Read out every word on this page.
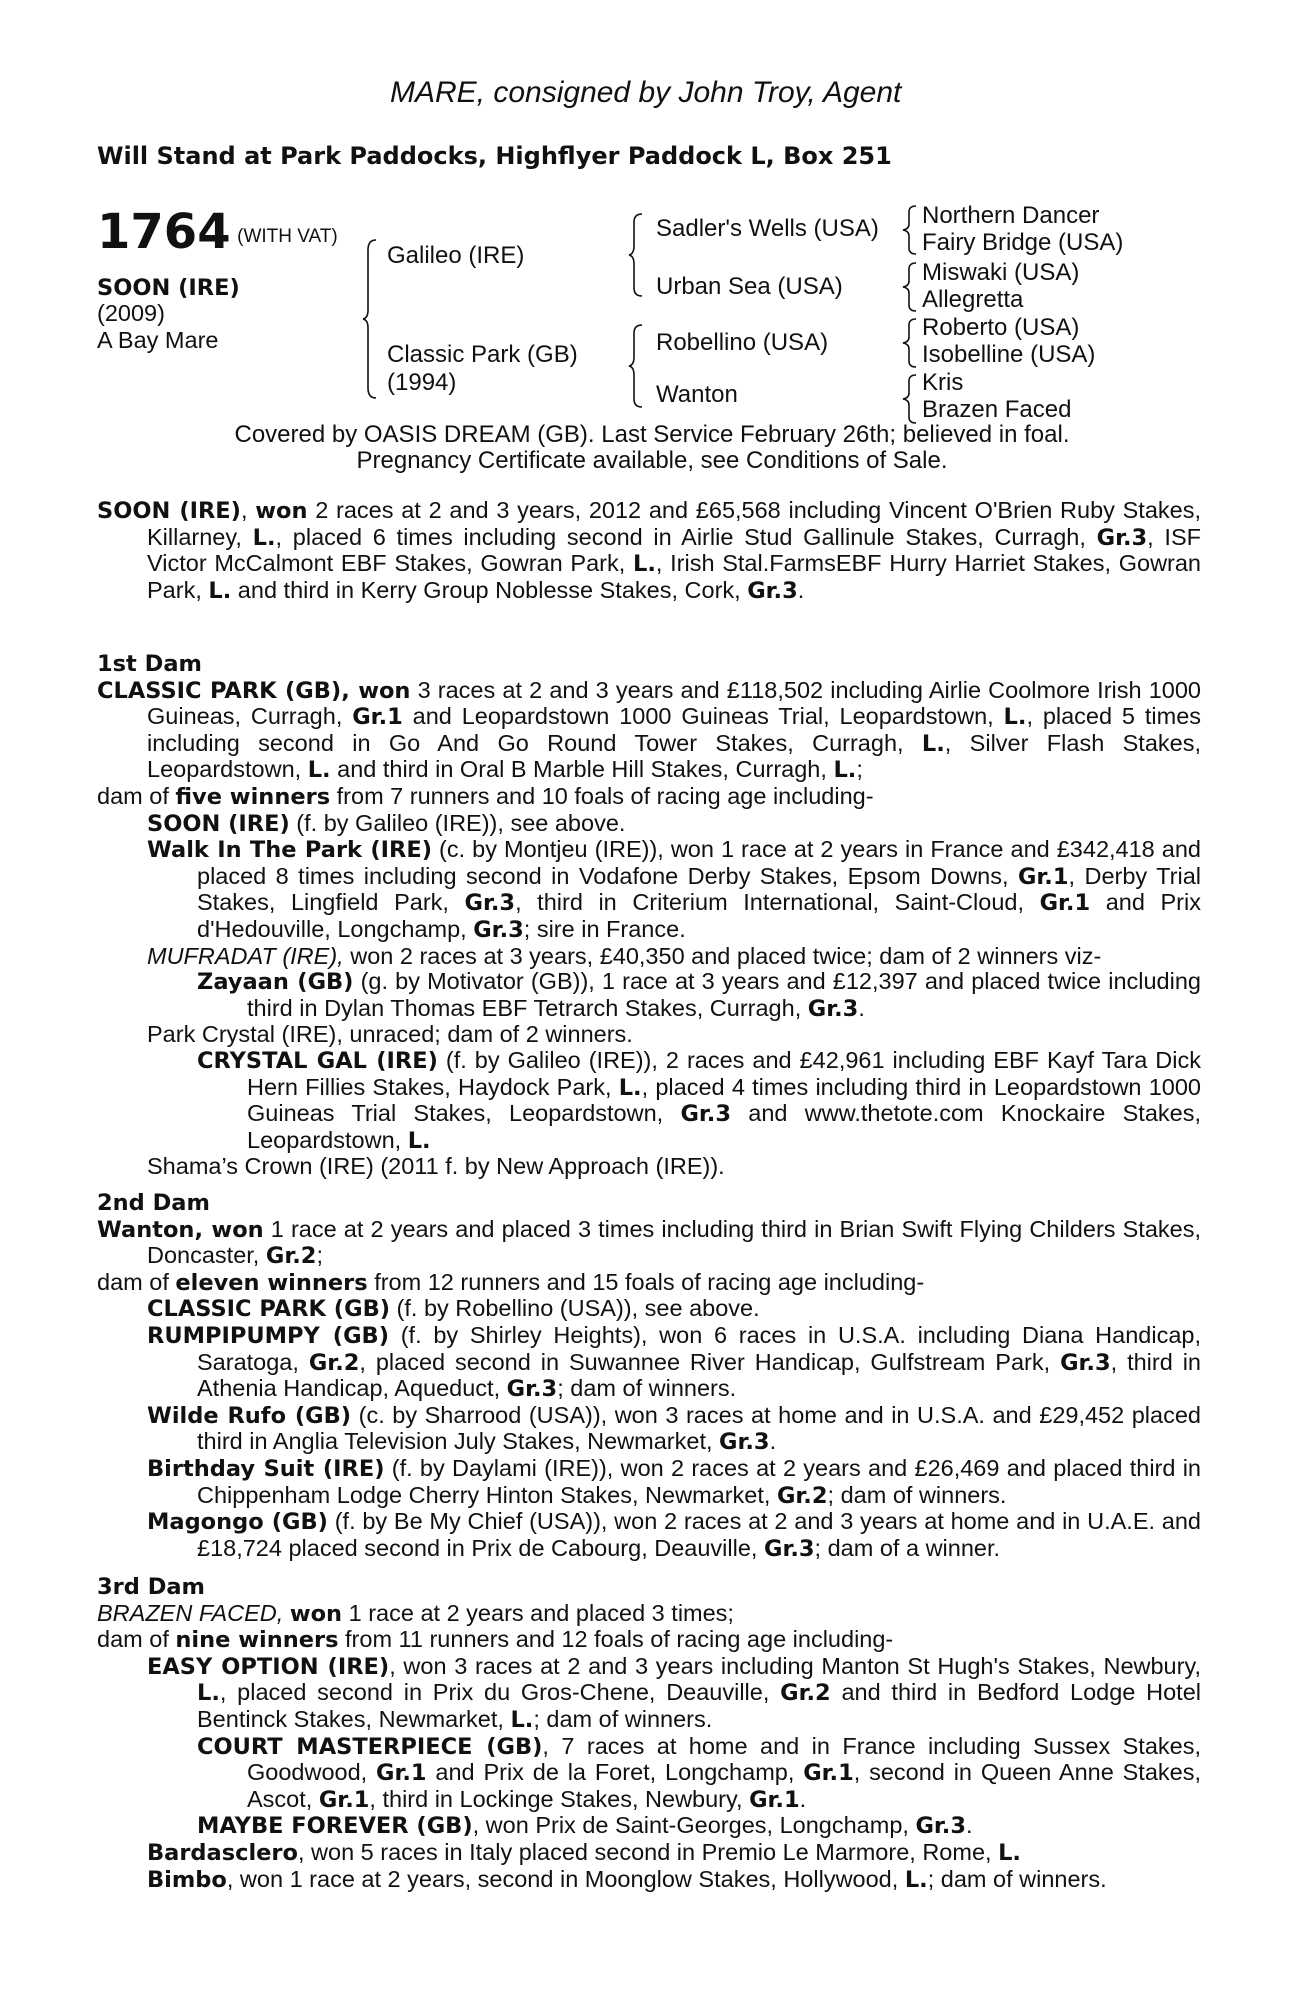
MARE, consigned by John Troy, Agent
Will Stand at Park Paddocks, Highflyer Paddock L, Box 251
1764 $^{(WITH VAT)}$
SOON (IRE)
(2009)
A Bay Mare
Galileo (IRE)
Classic Park (GB)
(1994)
Sadler's Wells (USA)
Urban Sea (USA)
Robellino (USA)
Wanton
Northern Dancer
Fairy Bridge (USA)
Miswaki (USA)
Allegretta
Roberto (USA)
Isobelline (USA)
Kris
Brazen Faced
Covered by OASIS DREAM (GB). Last Service February 26th; believed in foal.
Pregnancy Certificate available, see Conditions of Sale.

SOON (IRE), won 2 races at 2 and 3 years, 2012 and £65,568 including Vincent O'Brien Ruby Stakes, Killarney, L., placed 6 times including second in Airlie Stud Gallinule Stakes, Curragh, Gr.3, ISF Victor McCalmont EBF Stakes, Gowran Park, L., Irish Stal.FarmsEBF Hurry Harriet Stakes, Gowran Park, L. and third in Kerry Group Noblesse Stakes, Cork, Gr.3.

1st Dam

CLASSIC PARK (GB), won 3 races at 2 and 3 years and £118,502 including Airlie Coolmore Irish 1000 Guineas, Curragh, Gr.1 and Leopardstown 1000 Guineas Trial, Leopardstown, L., placed 5 times including second in Go And Go Round Tower Stakes, Curragh, L., Silver Flash Stakes, Leopardstown, L. and third in Oral B Marble Hill Stakes, Curragh, L.;

dam of five winners from 7 runners and 10 foals of racing age including-

SOON (IRE) (f. by Galileo (IRE)), see above.

Walk In The Park (IRE) (c. by Montjeu (IRE)), won 1 race at 2 years in France and £342,418 and placed 8 times including second in Vodafone Derby Stakes, Epsom Downs, Gr.1, Derby Trial Stakes, Lingfield Park, Gr.3, third in Criterium International, Saint-Cloud, Gr.1 and Prix d'Hedouville, Longchamp, Gr.3; sire in France.

MUFRADAT (IRE), won 2 races at 3 years, £40,350 and placed twice; dam of 2 winners viz-

Zayaan (GB) (g. by Motivator (GB)), 1 race at 3 years and £12,397 and placed twice including third in Dylan Thomas EBF Tetrarch Stakes, Curragh, Gr.3.

Park Crystal (IRE), unraced; dam of 2 winners.

CRYSTAL GAL (IRE) (f. by Galileo (IRE)), 2 races and £42,961 including EBF Kayf Tara Dick Hern Fillies Stakes, Haydock Park, L., placed 4 times including third in Leopardstown 1000 Guineas Trial Stakes, Leopardstown, Gr.3 and www.thetote.com Knockaire Stakes, Leopardstown, L.

Shama’s Crown (IRE) (2011 f. by New Approach (IRE)).

2nd Dam

Wanton, won 1 race at 2 years and placed 3 times including third in Brian Swift Flying Childers Stakes, Doncaster, Gr.2;

dam of eleven winners from 12 runners and 15 foals of racing age including-

CLASSIC PARK (GB) (f. by Robellino (USA)), see above.

RUMPIPUMPY (GB) (f. by Shirley Heights), won 6 races in U.S.A. including Diana Handicap, Saratoga, Gr.2, placed second in Suwannee River Handicap, Gulfstream Park, Gr.3, third in Athenia Handicap, Aqueduct, Gr.3; dam of winners.

Wilde Rufo (GB) (c. by Sharrood (USA)), won 3 races at home and in U.S.A. and £29,452 placed third in Anglia Television July Stakes, Newmarket, Gr.3.

Birthday Suit (IRE) (f. by Daylami (IRE)), won 2 races at 2 years and £26,469 and placed third in Chippenham Lodge Cherry Hinton Stakes, Newmarket, Gr.2; dam of winners.

Magongo (GB) (f. by Be My Chief (USA)), won 2 races at 2 and 3 years at home and in U.A.E. and £18,724 placed second in Prix de Cabourg, Deauville, Gr.3; dam of a winner.

3rd Dam

BRAZEN FACED, won 1 race at 2 years and placed 3 times;

dam of nine winners from 11 runners and 12 foals of racing age including-

EASY OPTION (IRE), won 3 races at 2 and 3 years including Manton St Hugh's Stakes, Newbury, L., placed second in Prix du Gros-Chene, Deauville, Gr.2 and third in Bedford Lodge Hotel Bentinck Stakes, Newmarket, L.; dam of winners.

COURT MASTERPIECE (GB), 7 races at home and in France including Sussex Stakes, Goodwood, Gr.1 and Prix de la Foret, Longchamp, Gr.1, second in Queen Anne Stakes, Ascot, Gr.1, third in Lockinge Stakes, Newbury, Gr.1.

MAYBE FOREVER (GB), won Prix de Saint-Georges, Longchamp, Gr.3.

Bardasclero, won 5 races in Italy placed second in Premio Le Marmore, Rome, L.

Bimbo, won 1 race at 2 years, second in Moonglow Stakes, Hollywood, L.; dam of winners.
